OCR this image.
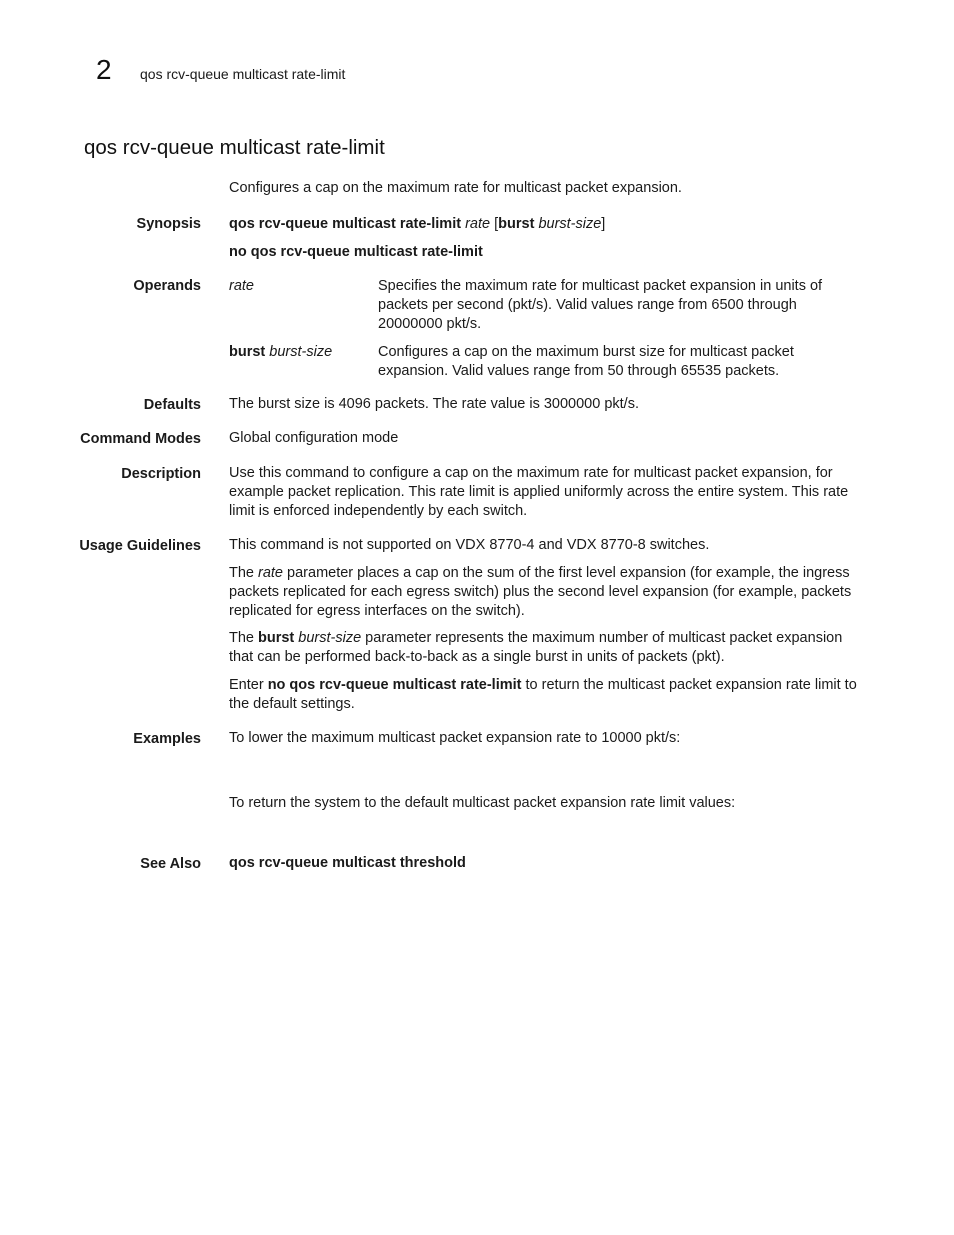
2 qos rcv-queue multicast rate-limit
qos rcv-queue multicast rate-limit

Configures a cap on the maximum rate for multicast packet expansion.

Synopsis qos rcv-queue multicast rate-limit rate [burst burst-size]

no qos rcv-queue multicast rate-limit

Operands rate	Specifies the maximum rate for multicast packet expansion in units of packets per second (pkt/s). Valid values range from 6500 through 20000000 pkt/s.

burst burst-size	Configures a cap on the maximum burst size for multicast packet expansion. Valid values range from 50 through 65535 packets.

Defaults The burst size is 4096 packets. The rate value is 3000000 pkt/s.

Command Modes Global configuration mode

Description Use this command to configure a cap on the maximum rate for multicast packet expansion, for example packet replication. This rate limit is applied uniformly across the entire system. This rate limit is enforced independently by each switch.

Usage Guidelines This command is not supported on VDX 8770-4 and VDX 8770-8 switches.

The rate parameter places a cap on the sum of the first level expansion (for example, the ingress packets replicated for each egress switch) plus the second level expansion (for example, packets replicated for egress interfaces on the switch).

The burst burst-size parameter represents the maximum number of multicast packet expansion that can be performed back-to-back as a single burst in units of packets (pkt).

Enter no qos rcv-queue multicast rate-limit to return the multicast packet expansion rate limit to the default settings.

Examples To lower the maximum multicast packet expansion rate to 10000 pkt/s:

To return the system to the default multicast packet expansion rate limit values:

See Also qos rcv-queue multicast threshold
